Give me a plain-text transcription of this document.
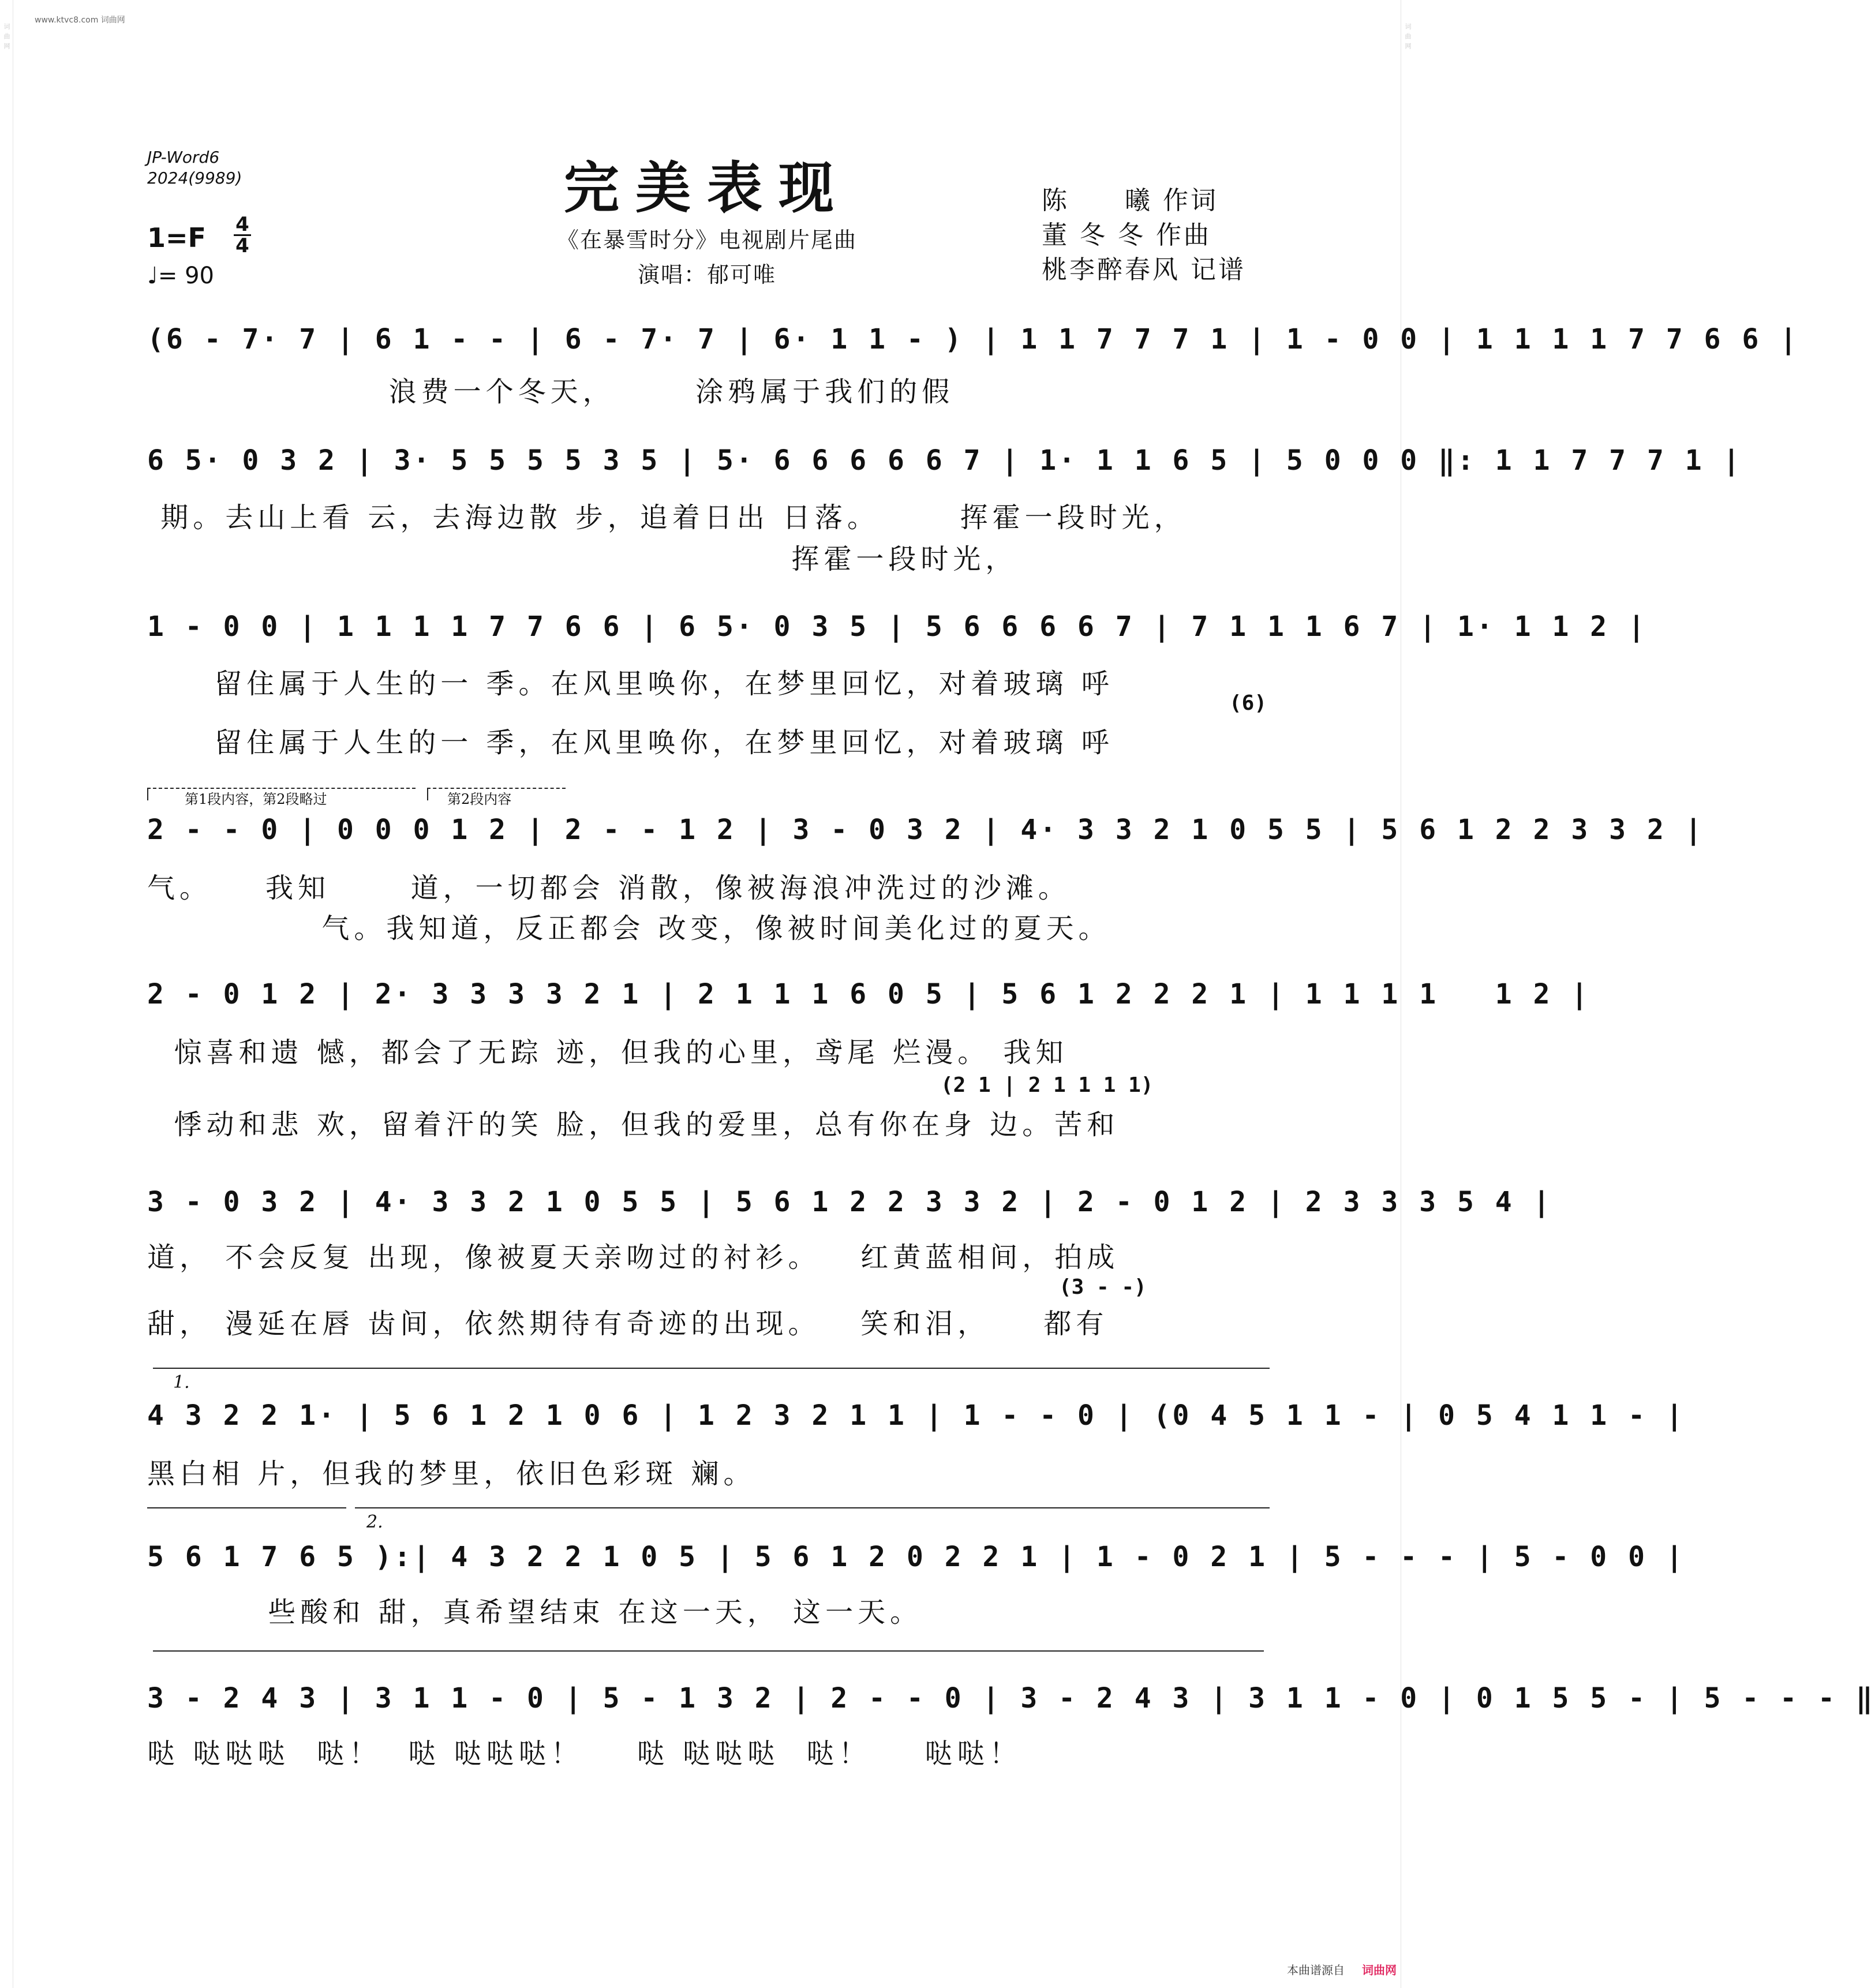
词曲网	词曲网
www.ktvc8.com 词曲网
JP-Word6
2024(9989)	完美表现
《在暴雪时分》电视剧片尾曲
演唱：郁可唯
1=F 4
4
♩= 90
陈　　曦 作词
董 冬 冬 作曲
桃李醉春风 记谱
(6 - 7· 7 | 6 1 - - | 6 - 7· 7 | 6· 1 1 - ) | 1 1 7 7 7 1 | 1 - 0 0 | 1 1 1 1 7 7 6 6 |
浪费一个冬天，      涂鸦属于我们的假
6 5· 0 3 2 | 3· 5 5 5 5 3 5 | 5· 6 6 6 6 6 7 | 1· 1 1 6 5 | 5 0 0 0 ‖: 1 1 7 7 7 1 |
期。去山上看 云，去海边散 步，追着日出 日落。      挥霍一段时光，
挥霍一段时光，
1 - 0 0 | 1 1 1 1 7 7 6 6 | 6 5· 0 3 5 | 5 6 6 6 6 7 | 7 1 1 1 6 7 | 1· 1 1 2 |
留住属于人生的一 季。在风里唤你，在梦里回忆，对着玻璃 呼
(6)
留住属于人生的一 季，在风里唤你，在梦里回忆，对着玻璃 呼
第1段内容，第2段略过	第2段内容
2 - - 0 | 0 0 0 1 2 | 2 - - 1 2 | 3 - 0 3 2 | 4· 3 3 2 1 0 5 5 | 5 6 1 2 2 3 3 2 |
气。    我知      道，一切都会 消散，像被海浪冲洗过的沙滩。
气。我知道，反正都会 改变，像被时间美化过的夏天。
2 - 0 1 2 | 2· 3 3 3 3 2 1 | 2 1 1 1 6 0 5 | 5 6 1 2 2 2 1 | 1 1 1 1   1 2 |
惊喜和遗 憾，都会了无踪 迹，但我的心里，鸢尾 烂漫。 我知
(2 1 | 2 1 1 1 1)
悸动和悲 欢，留着汗的笑 脸，但我的爱里，总有你在身 边。苦和
3 - 0 3 2 | 4· 3 3 2 1 0 5 5 | 5 6 1 2 2 3 3 2 | 2 - 0 1 2 | 2 3 3 3 5 4 |
道， 不会反复 出现，像被夏天亲吻过的衬衫。   红黄蓝相间，拍成
(3 - -)
甜， 漫延在唇 齿间，依然期待有奇迹的出现。   笑和泪，    都有
1.
4 3 2 2 1· | 5 6 1 2 1 0 6 | 1 2 3 2 1 1 | 1 - - 0 | (0 4 5 1 1 - | 0 5 4 1 1 - |
黑白相 片，但我的梦里，依旧色彩斑 斓。
2.
5 6 1 7 6 5 ):| 4 3 2 2 1 0 5 | 5 6 1 2 0 2 2 1 | 1 - 0 2 1 | 5 - - - | 5 - 0 0 |
些酸和 甜，真希望结束 在这一天， 这一天。
3 - 2 4 3 | 3 1 1 - 0 | 5 - 1 3 2 | 2 - - 0 | 3 - 2 4 3 | 3 1 1 - 0 | 0 1 5 5 - | 5 - - - ‖
哒 哒哒哒  哒！  哒 哒哒哒！    哒 哒哒哒  哒！    哒哒！
本曲谱源自 词曲网
